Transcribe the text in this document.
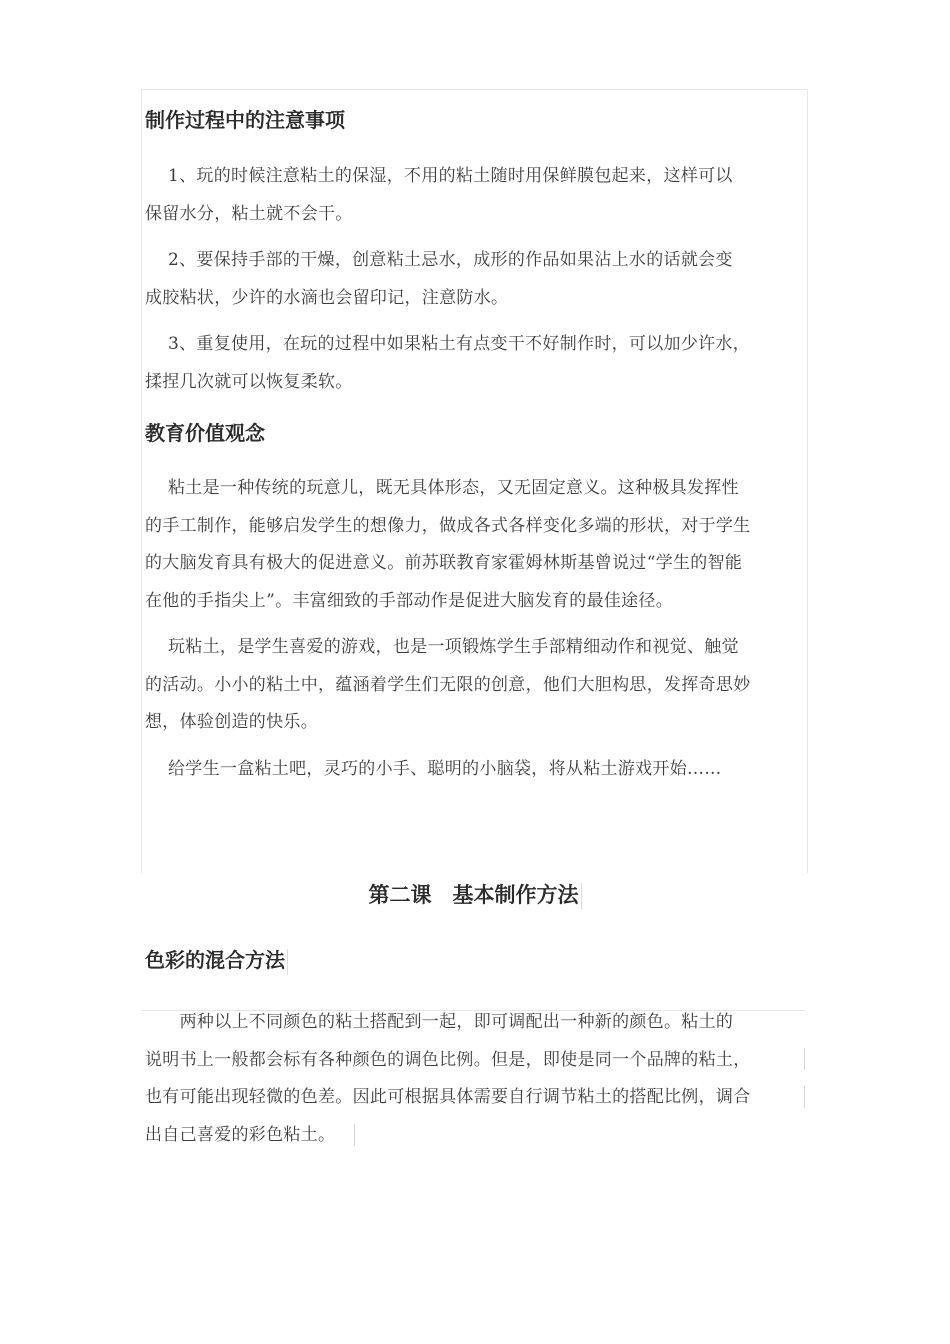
制作过程中的注意事项

　 1、玩的时候注意粘土的保湿，不用的粘土随时用保鲜膜包起来，这样可以
保留水分，粘土就不会干。

　 2、要保持手部的干燥，创意粘土忌水，成形的作品如果沾上水的话就会变
成胶粘状，少许的水滴也会留印记，注意防水。

　 3、重复使用，在玩的过程中如果粘土有点变干不好制作时，可以加少许水，
揉捏几次就可以恢复柔软。

教育价值观念

　 粘土是一种传统的玩意儿，既无具体形态，又无固定意义。这种极具发挥性
的手工制作，能够启发学生的想像力，做成各式各样变化多端的形状，对于学生
的大脑发育具有极大的促进意义。前苏联教育家霍姆林斯基曾说过“学生的智能
在他的手指尖上”。丰富细致的手部动作是促进大脑发育的最佳途径。

　 玩粘土，是学生喜爱的游戏，也是一项锻炼学生手部精细动作和视觉、触觉
的活动。小小的粘土中，蕴涵着学生们无限的创意，他们大胆构思，发挥奇思妙
想，体验创造的快乐。

　 给学生一盒粘土吧，灵巧的小手、聪明的小脑袋，将从粘土游戏开始……

第二课　基本制作方法
色彩的混合方法

　　两种以上不同颜色的粘土搭配到一起，即可调配出一种新的颜色。粘土的
说明书上一般都会标有各种颜色的调色比例。但是，即使是同一个品牌的粘土，
也有可能出现轻微的色差。因此可根据具体需要自行调节粘土的搭配比例，调合
出自己喜爱的彩色粘土。
